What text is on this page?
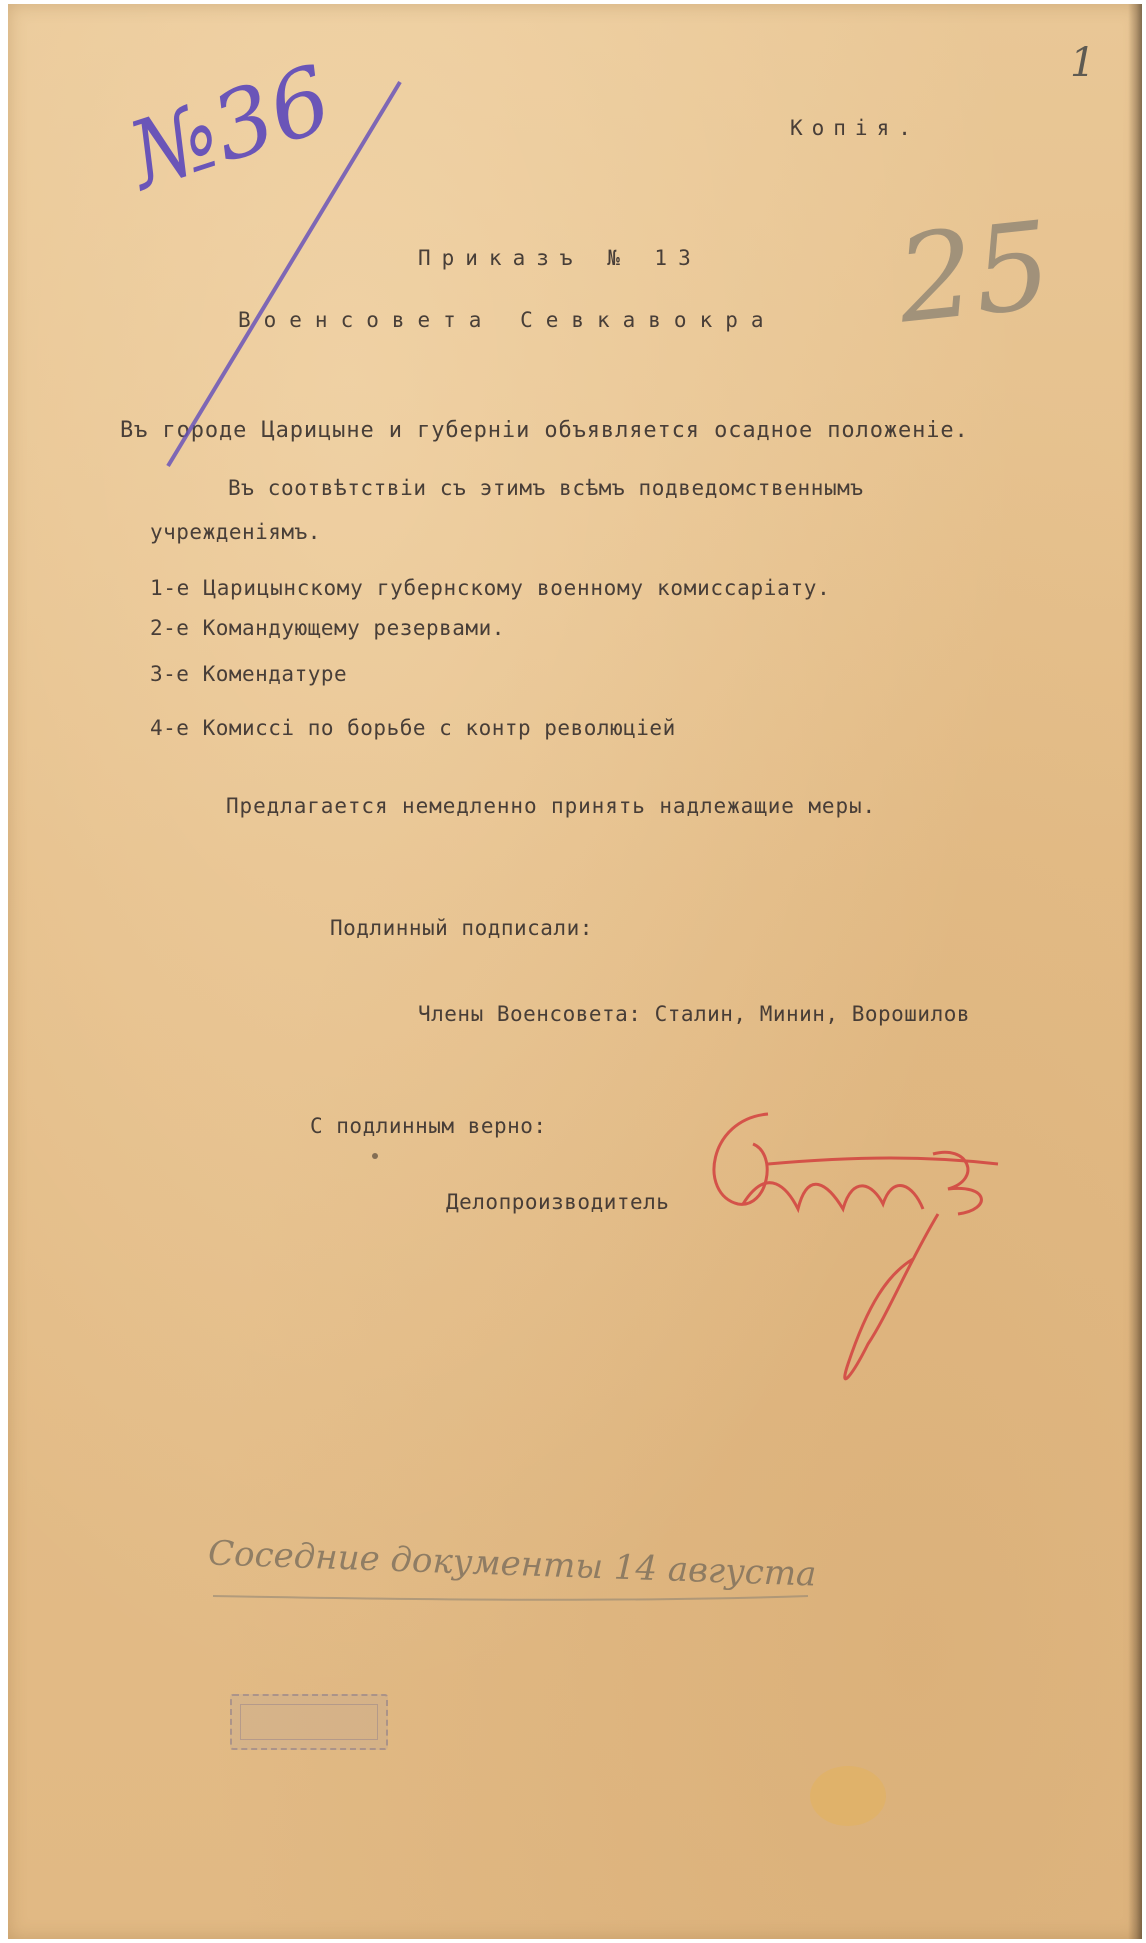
1
Копія.
№36
25
Приказъ № 13
Военсовета Севкавокра
Въ городе Царицыне и губерніи объявляется осадное положеніе.
Въ соотвѣтствіи съ этимъ всѣмъ подведомственнымъ
учрежденіямъ.
1-е Царицынскому губернскому военному комиссаріату.
2-е Командующему резервами.
3-е Комендатуре
4-е Комиссі по борьбе с контр революціей
Предлагается немедленно принять надлежащие меры.
Подлинный подписали:
Члены Военсовета: Сталин, Минин, Ворошилов
С подлинным верно:
Делопроизводитель
Соседние документы 14 августа
